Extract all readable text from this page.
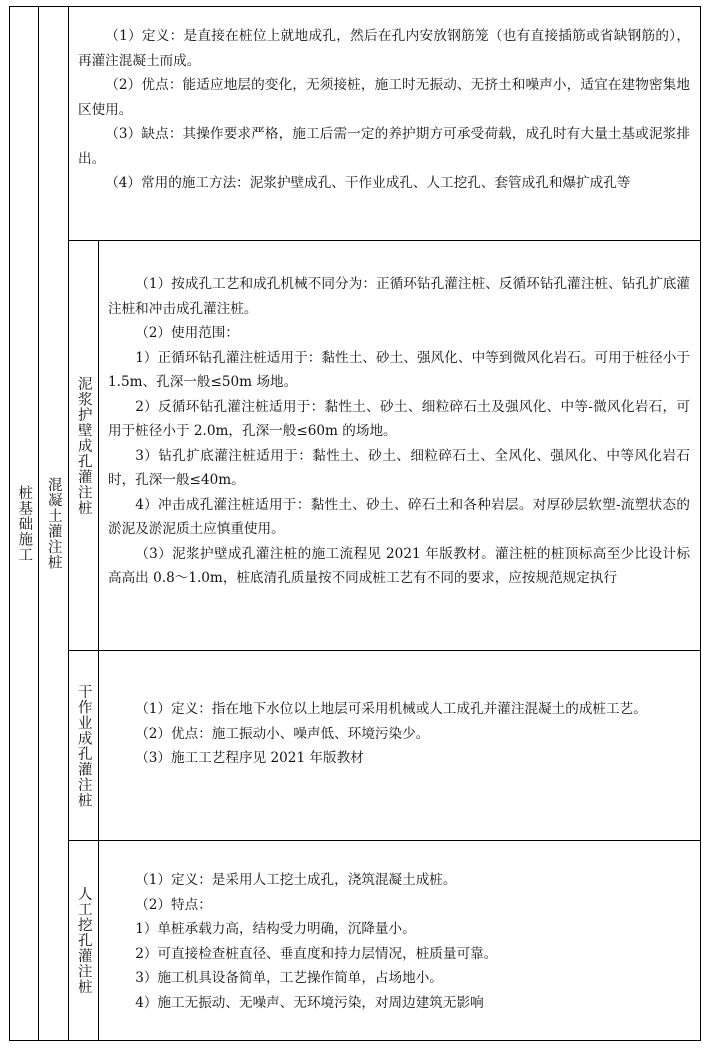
桩基础施工 混凝土灌注桩
泥浆护壁成孔灌注桩
干作业成孔灌注桩
人工挖孔灌注桩

（1）定义：是直接在桩位上就地成孔，然后在孔内安放钢筋笼（也有直接插筋或省缺钢筋的），再灌注混凝土而成。

（2）优点：能适应地层的变化，无须接桩，施工时无振动、无挤土和噪声小，适宜在建物密集地区使用。

（3）缺点：其操作要求严格，施工后需一定的养护期方可承受荷载，成孔时有大量土基或泥浆排出。

（4）常用的施工方法：泥浆护壁成孔、干作业成孔、人工挖孔、套管成孔和爆扩成孔等

（1）按成孔工艺和成孔机械不同分为：正循环钻孔灌注桩、反循环钻孔灌注桩、钻孔扩底灌注桩和冲击成孔灌注桩。

（2）使用范围：

1）正循环钻孔灌注桩适用于：黏性土、砂土、强风化、中等到微风化岩石。可用于桩径小于 1.5m、孔深一般≤50m 场地。

2）反循环钻孔灌注桩适用于：黏性土、砂土、细粒碎石土及强风化、中等-微风化岩石，可用于桩径小于 2.0m，孔深一般≤60m 的场地。

3）钻孔扩底灌注桩适用于：黏性土、砂土、细粒碎石土、全风化、强风化、中等风化岩石时，孔深一般≤40m。

4）冲击成孔灌注桩适用于：黏性土、砂土、碎石土和各种岩层。对厚砂层软塑-流塑状态的淤泥及淤泥质土应慎重使用。

（3）泥浆护壁成孔灌注桩的施工流程见 2021 年版教材。灌注桩的桩顶标高至少比设计标高高出 0.8～1.0m，桩底清孔质量按不同成桩工艺有不同的要求，应按规范规定执行

（1）定义：指在地下水位以上地层可采用机械或人工成孔并灌注混凝土的成桩工艺。

（2）优点：施工振动小、噪声低、环境污染少。

（3）施工工艺程序见 2021 年版教材

（1）定义：是采用人工挖土成孔，浇筑混凝土成桩。

（2）特点：

1）单桩承载力高，结构受力明确，沉降量小。

2）可直接检查桩直径、垂直度和持力层情况，桩质量可靠。

3）施工机具设备简单，工艺操作简单，占场地小。

4）施工无振动、无噪声、无环境污染，对周边建筑无影响
